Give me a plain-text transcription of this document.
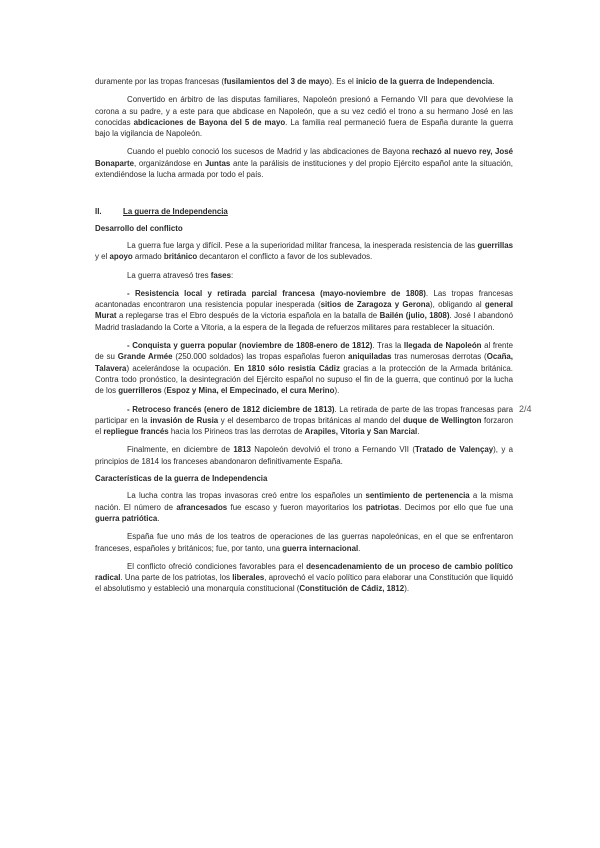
duramente por las tropas francesas (fusilamientos del 3 de mayo). Es el inicio de la guerra de Independencia.

Convertido en árbitro de las disputas familiares, Napoleón presionó a Fernando VII para que devolviese la corona a su padre, y a este para que abdicase en Napoleón, que a su vez cedió el trono a su hermano José en las conocidas abdicaciones de Bayona del 5 de mayo. La familia real permaneció fuera de España durante la guerra bajo la vigilancia de Napoleón.

Cuando el pueblo conoció los sucesos de Madrid y las abdicaciones de Bayona rechazó al nuevo rey, José Bonaparte, organizándose en Juntas ante la parálisis de instituciones y del propio Ejército español ante la situación, extendiéndose la lucha armada por todo el país.

II.	La guerra de Independencia

Desarrollo del conflicto

La guerra fue larga y difícil. Pese a la superioridad militar francesa, la inesperada resistencia de las guerrillas y el apoyo armado británico decantaron el conflicto a favor de los sublevados.

La guerra atravesó tres fases:

- Resistencia local y retirada parcial francesa (mayo-noviembre de 1808). Las tropas francesas acantonadas encontraron una resistencia popular inesperada (sitios de Zaragoza y Gerona), obligando al general Murat a replegarse tras el Ebro después de la victoria española en la batalla de Bailén (julio, 1808). José I abandonó Madrid trasladando la Corte a Vitoria, a la espera de la llegada de refuerzos militares para restablecer la situación.

- Conquista y guerra popular (noviembre de 1808-enero de 1812). Tras la llegada de Napoleón al frente de su Grande Armée (250.000 soldados) las tropas españolas fueron aniquiladas tras numerosas derrotas (Ocaña, Talavera) acelerándose la ocupación. En 1810 sólo resistía Cádiz gracias a la protección de la Armada británica. Contra todo pronóstico, la desintegración del Ejército español no supuso el fin de la guerra, que continuó por la lucha de los guerrilleros (Espoz y Mina, el Empecinado, el cura Merino).

- Retroceso francés (enero de 1812 diciembre de 1813). La retirada de parte de las tropas francesas para participar en la invasión de Rusia y el desembarco de tropas británicas al mando del duque de Wellington forzaron el repliegue francés hacia los Pirineos tras las derrotas de Arapiles, Vitoria y San Marcial.

Finalmente, en diciembre de 1813 Napoleón devolvió el trono a Fernando VII (Tratado de Valençay), y a principios de 1814 los franceses abandonaron definitivamente España.

Características de la guerra de Independencia

La lucha contra las tropas invasoras creó entre los españoles un sentimiento de pertenencia a la misma nación. El número de afrancesados fue escaso y fueron mayoritarios los patriotas. Decimos por ello que fue una guerra patriótica.

España fue uno más de los teatros de operaciones de las guerras napoleónicas, en el que se enfrentaron franceses, españoles y británicos; fue, por tanto, una guerra internacional.

El conflicto ofreció condiciones favorables para el desencadenamiento de un proceso de cambio político radical. Una parte de los patriotas, los liberales, aprovechó el vacío político para elaborar una Constitución que liquidó el absolutismo y estableció una monarquía constitucional (Constitución de Cádiz, 1812).

2/4
